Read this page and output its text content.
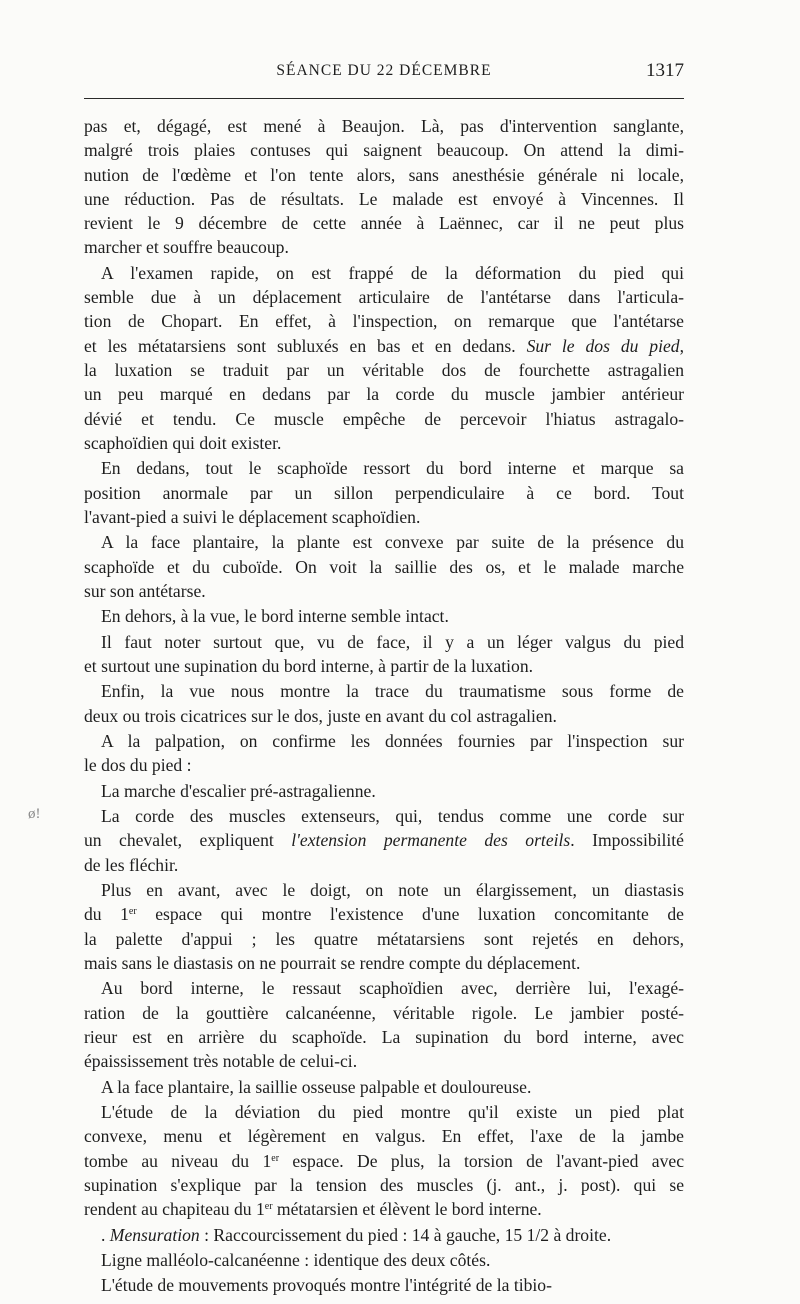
SÉANCE DU 22 DÉCEMBRE	1317
ø!
pas et, dégagé, est mené à Beaujon. Là, pas d'intervention sanglante,
malgré trois plaies contuses qui saignent beaucoup. On attend la dimi-
nution de l'œdème et l'on tente alors, sans anesthésie générale ni locale,
une réduction. Pas de résultats. Le malade est envoyé à Vincennes. Il
revient le 9 décembre de cette année à Laënnec, car il ne peut plus
marcher et souffre beaucoup.
A l'examen rapide, on est frappé de la déformation du pied qui
semble due à un déplacement articulaire de l'antétarse dans l'articula-
tion de Chopart. En effet, à l'inspection, on remarque que l'antétarse
et les métatarsiens sont subluxés en bas et en dedans. Sur le dos du pied,
la luxation se traduit par un véritable dos de fourchette astragalien
un peu marqué en dedans par la corde du muscle jambier antérieur
dévié et tendu. Ce muscle empêche de percevoir l'hiatus astragalo-
scaphoïdien qui doit exister.
En dedans, tout le scaphoïde ressort du bord interne et marque sa
position anormale par un sillon perpendiculaire à ce bord. Tout
l'avant-pied a suivi le déplacement scaphoïdien.
A la face plantaire, la plante est convexe par suite de la présence du
scaphoïde et du cuboïde. On voit la saillie des os, et le malade marche
sur son antétarse.
En dehors, à la vue, le bord interne semble intact.
Il faut noter surtout que, vu de face, il y a un léger valgus du pied
et surtout une supination du bord interne, à partir de la luxation.
Enfin, la vue nous montre la trace du traumatisme sous forme de
deux ou trois cicatrices sur le dos, juste en avant du col astragalien.
A la palpation, on confirme les données fournies par l'inspection sur
le dos du pied :
La marche d'escalier pré-astragalienne.
La corde des muscles extenseurs, qui, tendus comme une corde sur
un chevalet, expliquent l'extension permanente des orteils. Impossibilité
de les fléchir.
Plus en avant, avec le doigt, on note un élargissement, un diastasis
du 1er espace qui montre l'existence d'une luxation concomitante de
la palette d'appui ; les quatre métatarsiens sont rejetés en dehors,
mais sans le diastasis on ne pourrait se rendre compte du déplacement.
Au bord interne, le ressaut scaphoïdien avec, derrière lui, l'exagé-
ration de la gouttière calcanéenne, véritable rigole. Le jambier posté-
rieur est en arrière du scaphoïde. La supination du bord interne, avec
épaississement très notable de celui-ci.
A la face plantaire, la saillie osseuse palpable et douloureuse.
L'étude de la déviation du pied montre qu'il existe un pied plat
convexe, menu et légèrement en valgus. En effet, l'axe de la jambe
tombe au niveau du 1er espace. De plus, la torsion de l'avant-pied avec
supination s'explique par la tension des muscles (j. ant., j. post). qui se
rendent au chapiteau du 1er métatarsien et élèvent le bord interne.
. Mensuration : Raccourcissement du pied : 14 à gauche, 15 1/2 à droite.
Ligne malléolo-calcanéenne : identique des deux côtés.
L'étude de mouvements provoqués montre l'intégrité de la tibio-
